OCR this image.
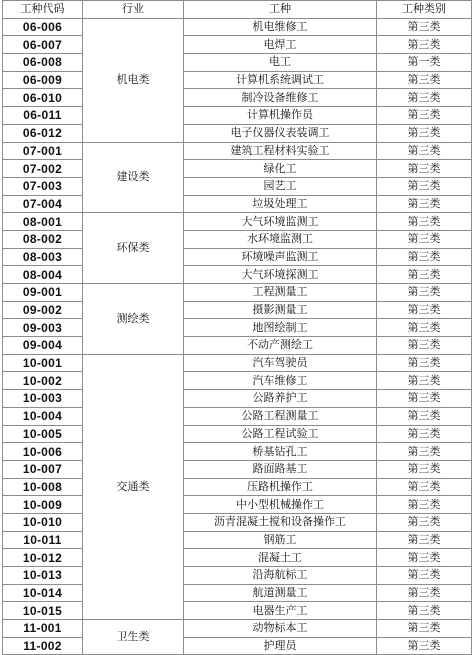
工种代码	行业	工种	工种类别
06-006	机电类	机电维修工	第三类
06-007		电焊工	第三类
06-008		电工	第一类
06-009		计算机系统调试工	第三类
06-010		制冷设备维修工	第三类
06-011		计算机操作员	第三类
06-012		电子仪器仪表装调工	第三类
07-001	建设类	建筑工程材料实验工	第三类
07-002		绿化工	第三类
07-003		园艺工	第三类
07-004		垃圾处理工	第三类
08-001	环保类	大气环境监测工	第三类
08-002		水环境监测工	第三类
08-003		环境噪声监测工	第三类
08-004		大气环境探测工	第三类
09-001	测绘类	工程测量工	第三类
09-002		摄影测量工	第三类
09-003		地图绘制工	第三类
09-004		不动产测绘工	第三类
10-001	交通类	汽车驾驶员	第三类
10-002		汽车维修工	第三类
10-003		公路养护工	第三类
10-004		公路工程测量工	第三类
10-005		公路工程试验工	第三类
10-006		桥基钻孔工	第三类
10-007		路面路基工	第三类
10-008		压路机操作工	第三类
10-009		中小型机械操作工	第三类
10-010		沥青混凝土搅和设备操作工	第三类
10-011		钢筋工	第三类
10-012		混凝土工	第三类
10-013		沿海航标工	第三类
10-014		航道测量工	第三类
10-015		电器生产工	第三类
11-001	卫生类	动物标本工	第三类
11-002		护理员	第三类
